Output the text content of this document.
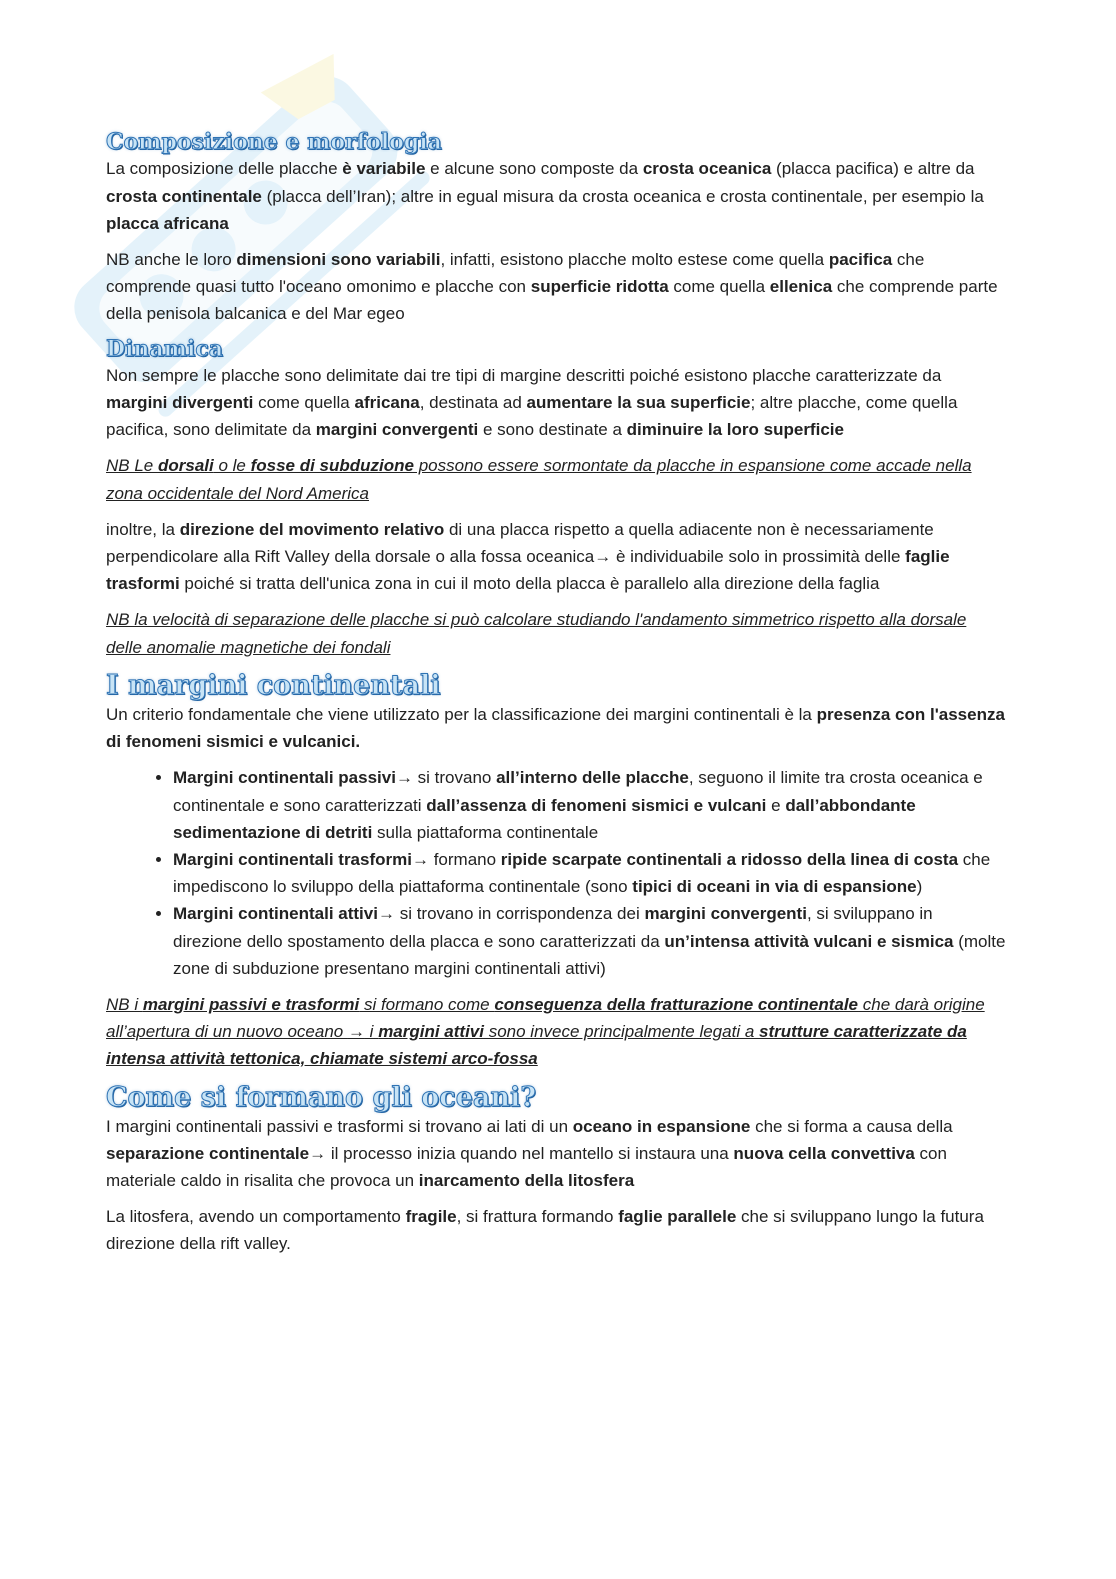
Composizione e morfologia

La composizione delle placche è variabile e alcune sono composte da crosta oceanica (placca pacifica) e altre da crosta continentale (placca dell’Iran); altre in egual misura da crosta oceanica e crosta continentale, per esempio la placca africana

NB anche le loro dimensioni sono variabili, infatti, esistono placche molto estese come quella pacifica che comprende quasi tutto l'oceano omonimo e placche con superficie ridotta come quella ellenica che comprende parte della penisola balcanica e del Mar egeo

Dinamica

Non sempre le placche sono delimitate dai tre tipi di margine descritti poiché esistono placche caratterizzate da margini divergenti come quella africana, destinata ad aumentare la sua superficie; altre placche, come quella pacifica, sono delimitate da margini convergenti e sono destinate a diminuire la loro superficie

NB Le dorsali o le fosse di subduzione possono essere sormontate da placche in espansione come accade nella zona occidentale del Nord America

inoltre, la direzione del movimento relativo di una placca rispetto a quella adiacente non è necessariamente perpendicolare alla Rift Valley della dorsale o alla fossa oceanica→ è individuabile solo in prossimità delle faglie trasformi poiché si tratta dell'unica zona in cui il moto della placca è parallelo alla direzione della faglia

NB la velocità di separazione delle placche si può calcolare studiando l'andamento simmetrico rispetto alla dorsale delle anomalie magnetiche dei fondali

I margini continentali

Un criterio fondamentale che viene utilizzato per la classificazione dei margini continentali è la presenza con l'assenza di fenomeni sismici e vulcanici.

• Margini continentali passivi→ si trovano all’interno delle placche, seguono il limite tra crosta oceanica e continentale e sono caratterizzati dall’assenza di fenomeni sismici e vulcani e dall’abbondante sedimentazione di detriti sulla piattaforma continentale
• Margini continentali trasformi→ formano ripide scarpate continentali a ridosso della linea di costa che impediscono lo sviluppo della piattaforma continentale (sono tipici di oceani in via di espansione)
• Margini continentali attivi→ si trovano in corrispondenza dei margini convergenti, si sviluppano in direzione dello spostamento della placca e sono caratterizzati da un’intensa attività vulcani e sismica (molte zone di subduzione presentano margini continentali attivi)

NB i margini passivi e trasformi si formano come conseguenza della fratturazione continentale che darà origine all’apertura di un nuovo oceano → i margini attivi sono invece principalmente legati a strutture caratterizzate da intensa attività tettonica, chiamate sistemi arco-fossa

Come si formano gli oceani?

I margini continentali passivi e trasformi si trovano ai lati di un oceano in espansione che si forma a causa della separazione continentale→ il processo inizia quando nel mantello si instaura una nuova cella convettiva con materiale caldo in risalita che provoca un inarcamento della litosfera

La litosfera, avendo un comportamento fragile, si frattura formando faglie parallele che si sviluppano lungo la futura direzione della rift valley.
